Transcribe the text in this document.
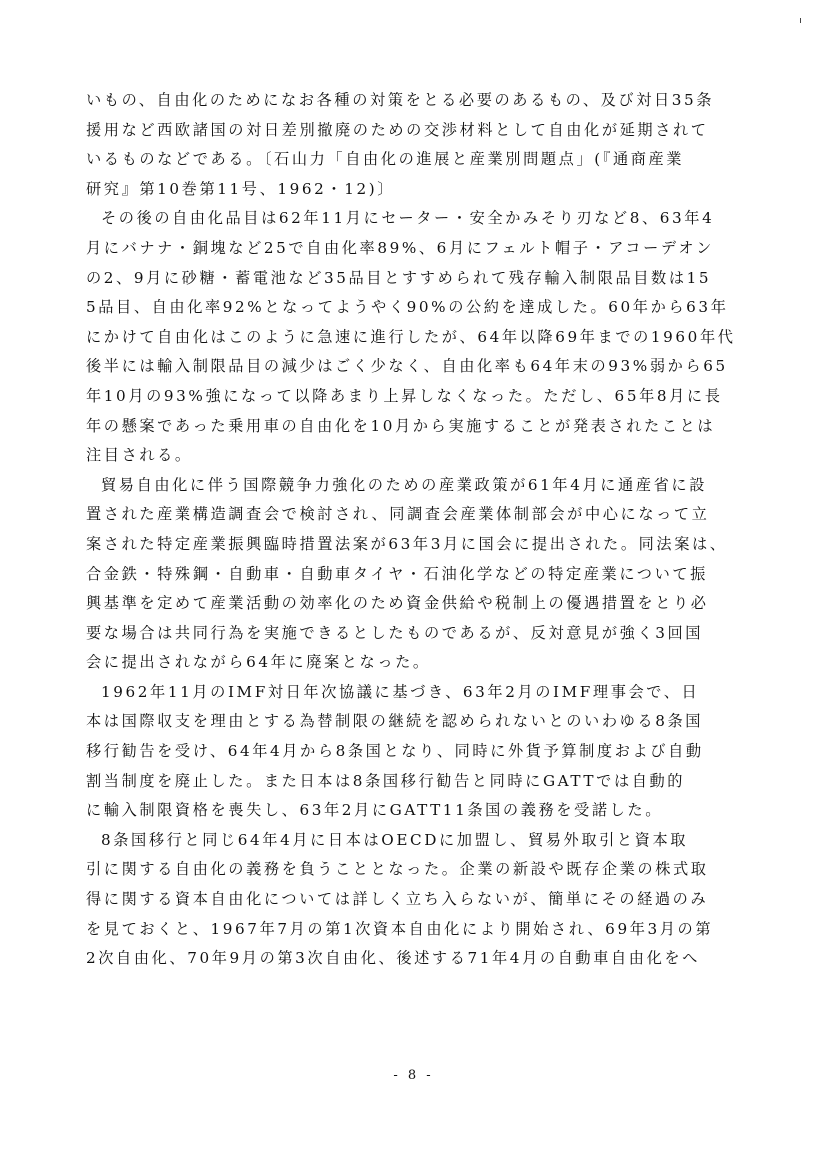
いもの、自由化のためになお各種の対策をとる必要のあるもの、及び対日35条
援用など西欧諸国の対日差別撤廃のための交渉材料として自由化が延期されて
いるものなどである。〔石山力「自由化の進展と産業別問題点」(『通商産業
研究』第10巻第11号、1962・12)〕
その後の自由化品目は62年11月にセーター・安全かみそり刃など8、63年4
月にバナナ・銅塊など25で自由化率89%、6月にフェルト帽子・アコーデオン
の2、9月に砂糖・蓄電池など35品目とすすめられて残存輸入制限品目数は15
5品目、自由化率92%となってようやく90%の公約を達成した。60年から63年
にかけて自由化はこのように急速に進行したが、64年以降69年までの1960年代
後半には輸入制限品目の減少はごく少なく、自由化率も64年末の93%弱から65
年10月の93%強になって以降あまり上昇しなくなった。ただし、65年8月に長
年の懸案であった乗用車の自由化を10月から実施することが発表されたことは
注目される。
貿易自由化に伴う国際競争力強化のための産業政策が61年4月に通産省に設
置された産業構造調査会で検討され、同調査会産業体制部会が中心になって立
案された特定産業振興臨時措置法案が63年3月に国会に提出された。同法案は、
合金鉄・特殊鋼・自動車・自動車タイヤ・石油化学などの特定産業について振
興基準を定めて産業活動の効率化のため資金供給や税制上の優遇措置をとり必
要な場合は共同行為を実施できるとしたものであるが、反対意見が強く3回国
会に提出されながら64年に廃案となった。
1962年11月のIMF対日年次協議に基づき、63年2月のIMF理事会で、日
本は国際収支を理由とする為替制限の継続を認められないとのいわゆる8条国
移行勧告を受け、64年4月から8条国となり、同時に外貨予算制度および自動
割当制度を廃止した。また日本は8条国移行勧告と同時にGATTでは自動的
に輸入制限資格を喪失し、63年2月にGATT11条国の義務を受諾した。
8条国移行と同じ64年4月に日本はOECDに加盟し、貿易外取引と資本取
引に関する自由化の義務を負うこととなった。企業の新設や既存企業の株式取
得に関する資本自由化については詳しく立ち入らないが、簡単にその経過のみ
を見ておくと、1967年7月の第1次資本自由化により開始され、69年3月の第
2次自由化、70年9月の第3次自由化、後述する71年4月の自動車自由化をへ
- 8 -
